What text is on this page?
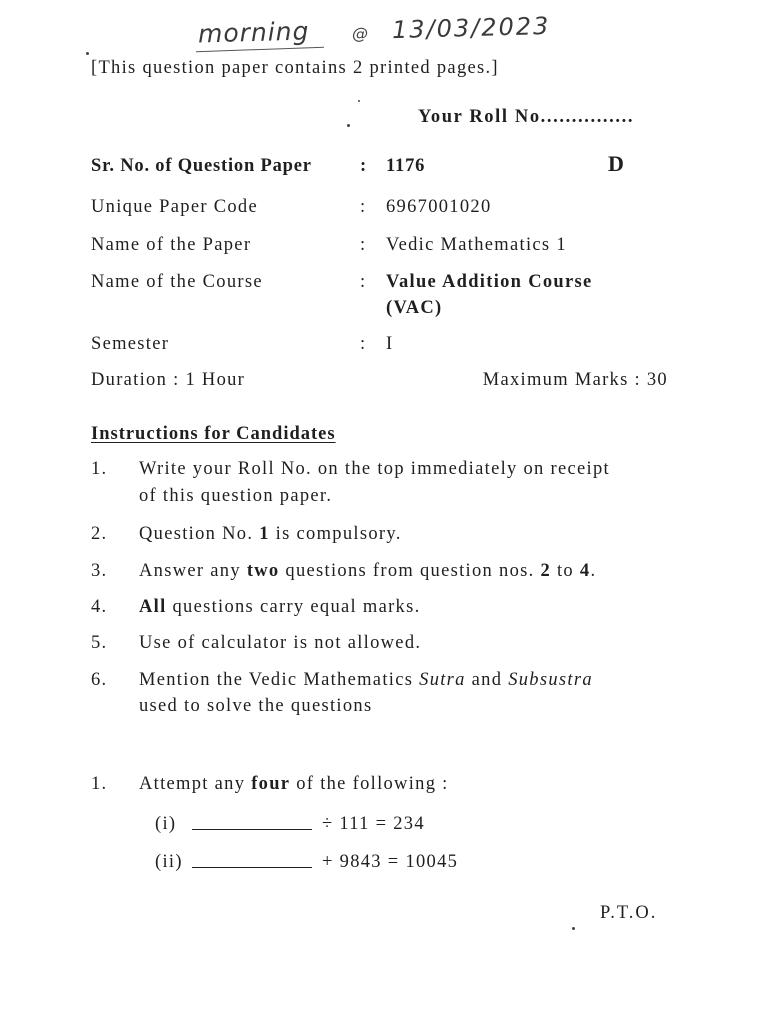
morning	@ 13/03/2023
[This question paper contains 2 printed pages.]
Your Roll No...............
Sr. No. of Question Paper	: 1176	D
Unique Paper Code	: 6967001020
Name of the Paper	: Vedic Mathematics 1
Name of the Course	: Value Addition Course
(VAC)
Semester	: I
Duration : 1 Hour	Maximum Marks : 30
Instructions for Candidates
1. Write your Roll No. on the top immediately on receipt
of this question paper.
2. Question No. 1 is compulsory.
3. Answer any two questions from question nos. 2 to 4.
4. All questions carry equal marks.
5. Use of calculator is not allowed.
6. Mention the Vedic Mathematics Sutra and Subsustra
used to solve the questions
1. Attempt any four of the following :
(i)	÷ 111 = 234
(ii)	+ 9843 = 10045
P.T.O.
